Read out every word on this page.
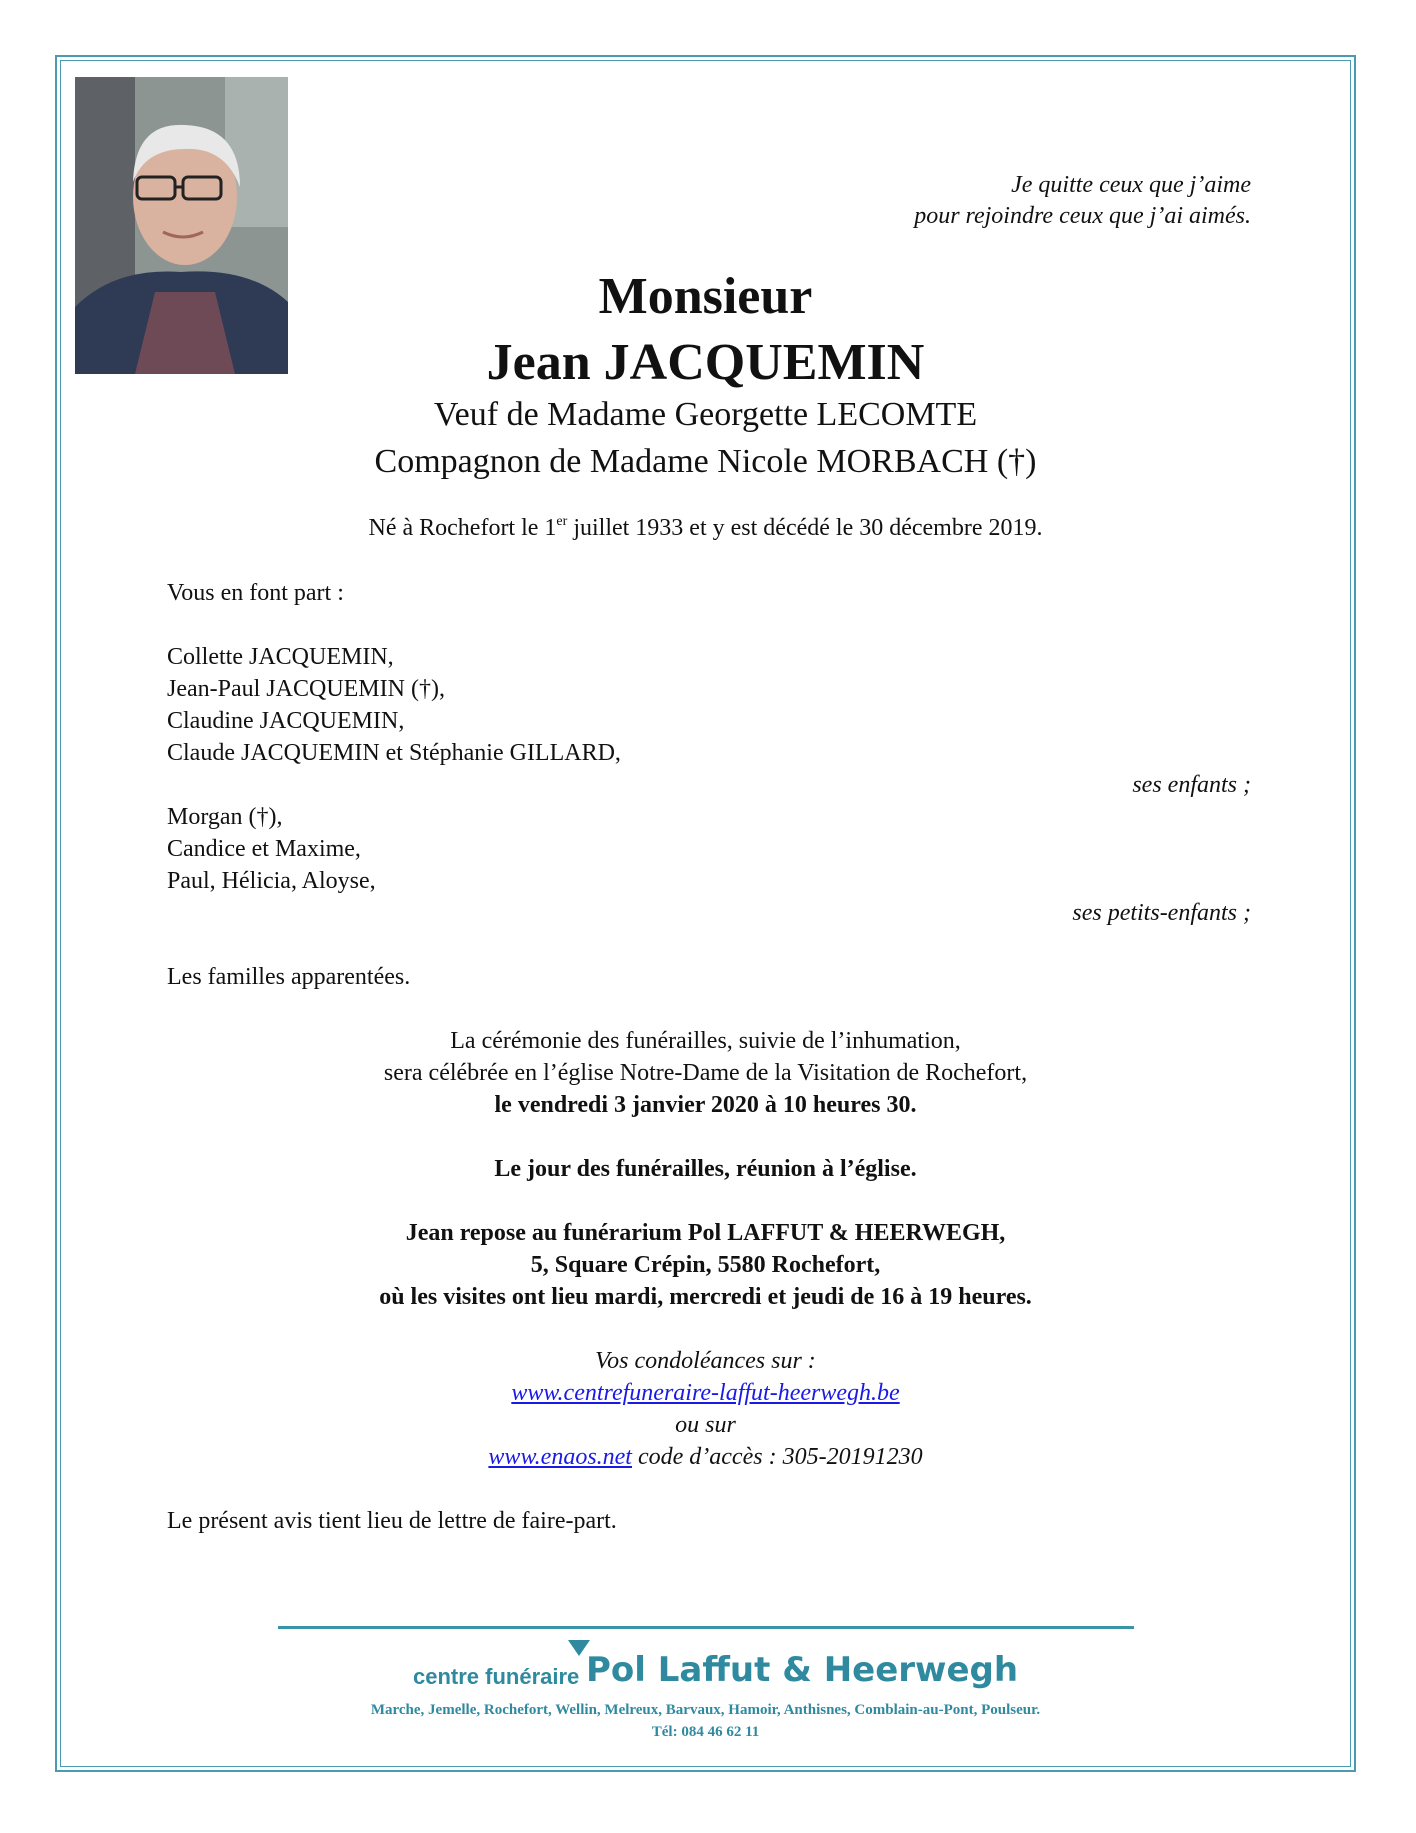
Je quitte ceux que j’aime
pour rejoindre ceux que j’ai aimés.
Monsieur
Jean JACQUEMIN
Veuf de Madame Georgette LECOMTE
Compagnon de Madame Nicole MORBACH (†)
Né à Rochefort le 1er juillet 1933 et y est décédé le 30 décembre 2019.
Vous en font part :
Collette JACQUEMIN,
Jean-Paul JACQUEMIN (†),
Claudine JACQUEMIN,
Claude JACQUEMIN et Stéphanie GILLARD,
ses enfants ;
Morgan (†),
Candice et Maxime,
Paul, Hélicia, Aloyse,
ses petits-enfants ;
Les familles apparentées.
La cérémonie des funérailles, suivie de l’inhumation,
sera célébrée en l’église Notre-Dame de la Visitation de Rochefort,
le vendredi 3 janvier 2020 à 10 heures 30.
Le jour des funérailles, réunion à l’église.
Jean repose au funérarium Pol LAFFUT & HEERWEGH,
5, Square Crépin, 5580 Rochefort,
où les visites ont lieu mardi, mercredi et jeudi de 16 à 19 heures.
Vos condoléances sur :
www.centrefuneraire-laffut-heerwegh.be
ou sur
www.enaos.net code d’accès : 305-20191230
Le présent avis tient lieu de lettre de faire-part.
centre funéraire Pol Laffut & Heerwegh
Marche, Jemelle, Rochefort, Wellin, Melreux, Barvaux, Hamoir, Anthisnes, Comblain-au-Pont, Poulseur.
Tél: 084 46 62 11
